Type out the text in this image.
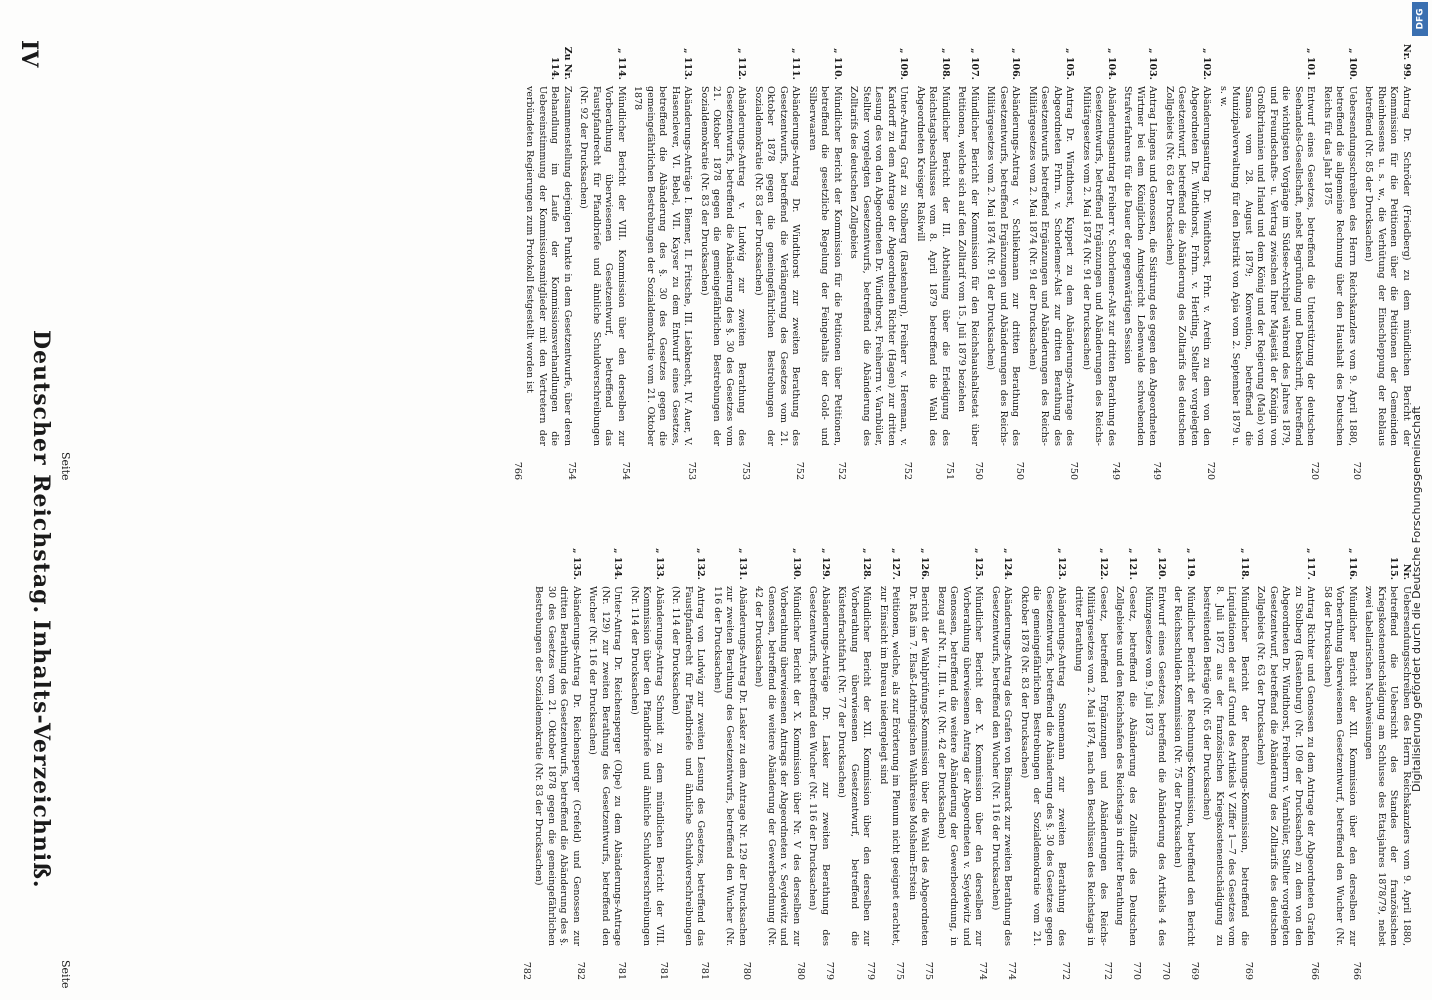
IV
Deutscher Reichstag.
Inhalts-Verzeichniß.
Seite
Seite
Nr. 99.
Antrag Dr. Schröder (Friedberg) zu dem mündlichen Bericht der Kommission für die Petitionen über die Petitionen der Gemeinden Rheinhessens u. s. w., die Verhütung der Einschleppung der Reblaus betreffend (Nr. 85 der Drucksachen)
720
„ 100.
Uebersendungsschreiben des Herrn Reichskanzlers vom 9. April 1880, betreffend die allgemeine Rechnung über den Haushalt des Deutschen Reichs für das Jahr 1875
720
„ 101.
Entwurf eines Gesetzes, betreffend die Unterstützung der deutschen Seehandels-Gesellschaft, nebst Begründung und Denkschrift, betreffend die wichtigsten Vorgänge im Südsee-Archipel während des Jahres 1879, und Freundschafts- u. Vertrag zwischen Ihrer Majestät der Königin von Großbritannien und Irland und dem König und der Regierung (Malo) von Samoa vom 28. August 1879; Konvention, betreffend die Munizipalverwaltung für den Distrikt von Apia vom 2. September 1879 u. s. w.
720
„ 102.
Abänderungsantrag Dr. Windthorst, Frhr. v. Aretin zu dem von den Abgeordneten Dr. Windthorst, Frhrn. v. Hertling, Stellter vorgelegten Gesetzentwurf, betreffend die Abänderung des Zolltarifs des deutschen Zollgebiets (Nr. 63 der Drucksachen)
749
„ 103.
Antrag Lingens und Genossen, die Sistirung des gegen den Abgeordneten Wirtmer bei dem Königlichen Amtsgericht Lebenwalde schwebenden Strafverfahrens für die Dauer der gegenwärtigen Session
749
„ 104.
Abänderungsantrag Freiherr v. Schorlemer-Alst zur dritten Berathung des Gesetzentwurfs, betreffend Ergänzungen und Abänderungen des Reichs-Militärgesetzes vom 2. Mai 1874 (Nr. 91 der Drucksachen)
750
„ 105.
Antrag Dr. Windthorst, Kuppert zu dem Abänderungs-Antrage des Abgeordneten Frhrn. v. Schorlemer-Alst zur dritten Berathung des Gesetzentwurfs betreffend Ergänzungen und Abänderungen des Reichs-Militärgesetzes vom 2. Mai 1874 (Nr. 91 der Drucksachen)
750
„ 106.
Abänderungs-Antrag v. Schliekmann zur dritten Berathung des Gesetzentwurfs, betreffend Ergänzungen und Abänderungen des Reichs-Militärgesetzes vom 2. Mai 1874 (Nr. 91 der Drucksachen)
750
„ 107.
Mündlicher Bericht der Kommission für den Reichshaushaltsetat über Petitionen, welche sich auf den Zolltarif vom 15. Juli 1879 beziehen
751
„ 108.
Mündlicher Bericht der III. Abtheilung über die Erledigung des Reichstagsbeschlusses vom 8. April 1879 betreffend die Wahl des Abgeordneten Kreisger Raßiwill
752
„ 109.
Unter-Antrag Graf zu Stolberg (Rastenburg), Freiherr v. Hereman, v. Kardorff zu dem Antrage der Abgeordneten Richter (Hagen) zur dritten Lesung des von den Abgeordneten Dr. Windthorst, Freiherrn v. Varnbüler, Stellter vorgelegten Gesetzentwurfs, betreffend die Abänderung des Zolltarifs des deutschen Zollgebiets
752
„ 110.
Mündlicher Bericht der Kommission für die Petitionen über Petitionen, betreffend die gesetzliche Regelung der Feingehalts der Gold- und Silberwaaren
752
„ 111.
Abänderungs-Antrag Dr. Windthorst zur zweiten Berathung des Gesetzentwurfs, betreffend die Verlängerung des Gesetzes vom 21. Oktober 1878 gegen die gemeingefährlichen Bestrebungen der Sozialdemokratie (Nr. 83 der Drucksachen)
753
„ 112.
Abänderungs-Antrag v. Ludwig zur zweiten Berathung des Gesetzentwurfs, betreffend die Abänderung des §. 30 des Gesetzes vom 21. Oktober 1878 gegen die gemeingefährlichen Bestrebungen der Sozialdemokratie (Nr. 83 der Drucksachen)
753
„ 113.
Abänderungs-Anträge I. Biemer, II. Fritsche, III. Liebknecht, IV. Auer, V. Hasenclever, VI. Bebel, VII. Kayser zu dem Entwurf eines Gesetzes, betreffend die Abänderung des §. 30 des Gesetzes gegen die gemeingefährlichen Bestrebungen der Sozialdemokratie vom 21. Oktober 1878
754
„ 114.
Mündlicher Bericht der VIII. Kommission über den derselben zur Vorberathung überwiesenen Gesetzentwurf, betreffend das Faustpfandrecht für Pfandbriefe und ähnliche Schuldverschreibungen (Nr. 92 der Drucksachen)
754
Zu Nr. 114.
Zusammenstellung derjenigen Punkte in dem Gesetzentwurfe, über deren Behandlung im Laufe der Kommissionsverhandlungen die Uebereinstimmung der Kommissionsmitglieder mit den Vertretern der verbündeten Regierungen zum Protokoll festgestellt worden ist
766
Nr. 115.
Uebersendungsschreiben des Herrn Reichskanzlers vom 9. April 1880, betreffend die Uebersicht des Standes der französischen Kriegskostenentschädigung am Schlusse des Etatsjahres 1878/79, nebst zwei tabellarischen Nachweisungen
766
„ 116.
Mündlicher Bericht der XII. Kommission über den derselben zur Vorberathung überwiesenen Gesetzentwurf, betreffend den Wucher (Nr. 58 der Drucksachen)
766
„ 117.
Antrag Richter und Genossen zu dem Antrage der Abgeordneten Grafen zu Stolberg (Rastenburg) (Nr. 109 der Drucksachen) zu dem von den Abgeordneten Dr. Windthorst, Freiherrn v. Varnbüler, Stellter vorgelegten Gesetzentwurf, betreffend die Abänderung des Zolltarifs des deutschen Zollgebiets (Nr. 63 der Drucksachen)
769
„ 118.
Mündlicher Bericht der Rechnungs-Kommission, betreffend die Liquidationen der auf Grund des Artikels V Ziffer 1—7 des Gesetzes vom 8. Juli 1872 aus der französischen Kriegskostenentschädigung zu bestreitenden Beträge (Nr. 65 der Drucksachen)
769
„ 119.
Mündlicher Bericht der Rechnungs-Kommission, betreffend den Bericht der Reichsschulden-Kommission (Nr. 75 der Drucksachen)
770
„ 120.
Entwurf eines Gesetzes, betreffend die Abänderung des Artikels 4 des Münzgesetzes vom 9. Juli 1873
770
„ 121.
Gesetz, betreffend die Abänderung des Zolltarifs des Deutschen Zollgebietes und den Reichshafen des Reichstags in dritter Berathung
772
„ 122.
Gesetz, betreffend Ergänzungen und Abänderungen des Reichs-Militärgesetzes vom 2. Mai 1874, nach den Beschlüssen des Reichstags in dritter Berathung
772
„ 123.
Abänderungs-Antrag Sonnemann zur zweiten Berathung des Gesetzentwurfs, betreffend die Abänderung des §. 30 des Gesetzes gegen die gemeingefährlichen Bestrebungen der Sozialdemokratie vom 21. Oktober 1878 (Nr. 83 der Drucksachen)
774
„ 124.
Abänderungs-Antrag des Grafen von Bismarck zur zweiten Berathung des Gesetzentwurfs, betreffend den Wucher (Nr. 116 der Drucksachen)
774
„ 125.
Mündlicher Bericht der X. Kommission über den derselben zur Vorberathung überwiesenen Antrag der Abgeordneten v. Seydewitz und Genossen, betreffend die weitere Abänderung der Gewerbeordnung, in Bezug auf Nr. II., III. u. IV. (Nr. 42 der Drucksachen)
775
„ 126.
Bericht der Wahlprüfungs-Kommission über die Wahl des Abgeordneten Dr. Raß im 7. Elsaß-Lothringischen Wahlkreise Molsheim-Erstein
775
„ 127.
Petitionen, welche, als zur Erörterung im Plenum nicht geeignet erachtet, zur Einsicht im Bureau niedergelegt sind
779
„ 128.
Mündlicher Bericht der XII. Kommission über den derselben zur Vorberathung überwiesenen Gesetzentwurf, betreffend die Küstenfrachtfahrt (Nr. 77 der Drucksachen)
779
„ 129.
Abänderungs-Anträge Dr. Lasker zur zweiten Berathung des Gesetzentwurfs, betreffend den Wucher (Nr. 116 der Drucksachen)
780
„ 130.
Mündlicher Bericht der X. Kommission über Nr. V des derselben zur Vorberathung überwiesenen Antrags der Abgeordneten v. Seydewitz und Genossen, betreffend die weitere Abänderung der Gewerbeordnung (Nr. 42 der Drucksachen)
780
„ 131.
Abänderungs-Antrag Dr. Lasker zu dem Antrage Nr. 129 der Drucksachen zur zweiten Berathung des Gesetzentwurfs, betreffend den Wucher (Nr. 116 der Drucksachen)
781
„ 132.
Antrag von Ludwig zur zweiten Lesung des Gesetzes, betreffend das Faustpfandrecht für Pfandbriefe und ähnliche Schuldverschreibungen (Nr. 114 der Drucksachen)
781
„ 133.
Abänderungs-Antrag Schmidt zu dem mündlichen Bericht der VIII. Kommission über den Pfandbriefe und ähnliche Schuldverschreibungen (Nr. 114 der Drucksachen)
781
„ 134.
Unter-Antrag Dr. Reichensperger (Olpe) zu dem Abänderungs-Antrage (Nr. 129) zur zweiten Berathung des Gesetzentwurfs, betreffend den Wucher (Nr. 116 der Drucksachen)
782
„ 135.
Abänderungs-Antrag Dr. Reichensperger (Crefeld) und Genossen zur dritten Berathung des Gesetzentwurfs, betreffend die Abänderung des §. 30 des Gesetzes vom 21. Oktober 1878 gegen die gemeingefährlichen Bestrebungen der Sozialdemokratie (Nr. 83 der Drucksachen)
782
Digitalisierung gefördert durch die Deutsche Forschungsgemeinschaft
DFG
